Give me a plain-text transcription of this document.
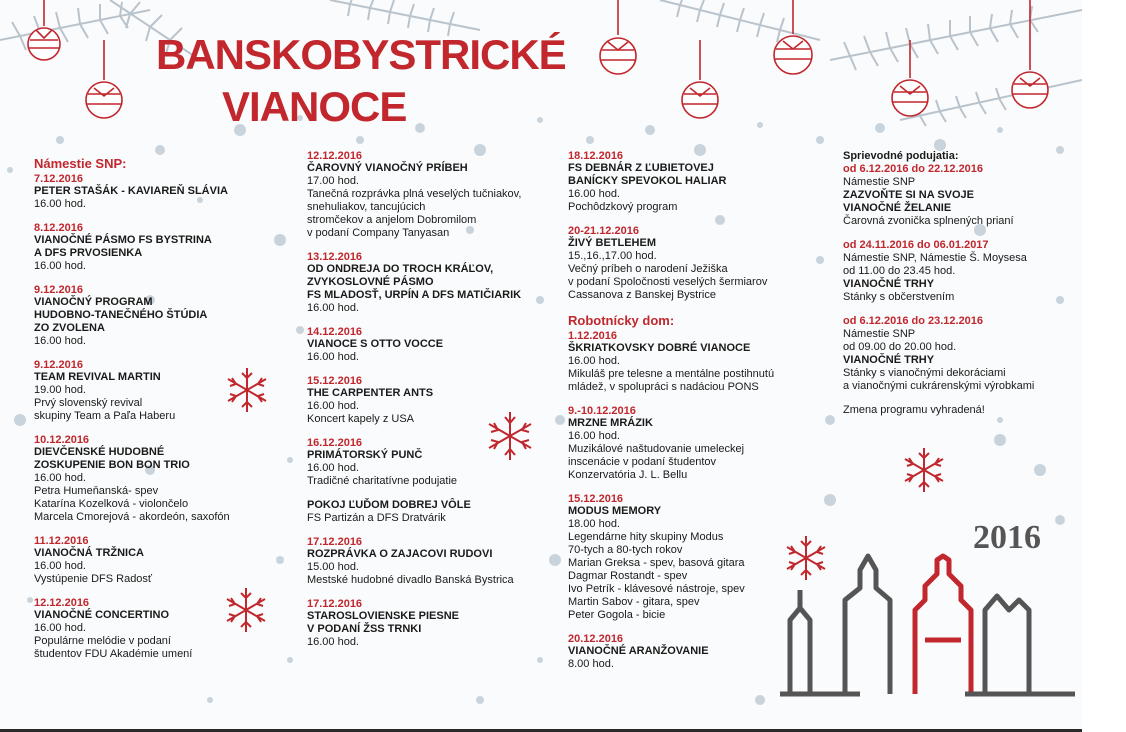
BANSKOBYSTRICKÉ
VIANOCE
Námestie SNP:
7.12.2016
PETER STAŠÁK - KAVIAREŇ SLÁVIA
16.00 hod.
8.12.2016
VIANOČNÉ PÁSMO FS BYSTRINA
A DFS PRVOSIENKA
16.00 hod.
9.12.2016
VIANOČNÝ PROGRAM
HUDOBNO-TANEČNÉHO ŠTÚDIA
ZO ZVOLENA
16.00 hod.
9.12.2016
TEAM REVIVAL MARTIN
19.00 hod.
Prvý slovenský revival
skupiny Team a Paľa Haberu
10.12.2016
DIEVČENSKÉ HUDOBNÉ
ZOSKUPENIE BON BON TRIO
16.00 hod.
Petra Humeňanská- spev
Katarína Kozelková - violončelo
Marcela Cmorejová - akordeón, saxofón
11.12.2016
VIANOČNÁ TRŽNICA
16.00 hod.
Vystúpenie DFS Radosť
12.12.2016
VIANOČNÉ CONCERTINO
16.00 hod.
Populárne melódie v podaní
študentov FDU Akadémie umení
12.12.2016
ČAROVNÝ VIANOČNÝ PRÍBEH
17.00 hod.
Tanečná rozprávka plná veselých tučniakov,
snehuliakov, tancujúcich
stromčekov a anjelom Dobromilom
v podaní Company Tanyasan
13.12.2016
OD ONDREJA DO TROCH KRÁĽOV,
ZVYKOSLOVNÉ PÁSMO
FS MLADOSŤ, URPÍN A DFS MATIČIARIK
16.00 hod.
14.12.2016
VIANOCE S OTTO VOCCE
16.00 hod.
15.12.2016
THE CARPENTER ANTS
16.00 hod.
Koncert kapely z USA
16.12.2016
PRIMÁTORSKÝ PUNČ
16.00 hod.
Tradičné charitatívne podujatie
POKOJ ĽUĎOM DOBREJ VÔLE
FS Partizán a DFS Dratvárik
17.12.2016
ROZPRÁVKA O ZAJACOVI RUDOVI
15.00 hod.
Mestské hudobné divadlo Banská Bystrica
17.12.2016
STAROSLOVIENSKE PIESNE
V PODANÍ ŽSS TRNKI
16.00 hod.
18.12.2016
FS DEBNÁR Z ĽUBIETOVEJ
BANÍCKY SPEVOKOL HALIAR
16.00 hod.
Pochôdzkový program
20-21.12.2016
ŽIVÝ BETLEHEM
15.,16.,17.00 hod.
Večný príbeh o narodení Ježiška
v podaní Spoločnosti veselých šermiarov
Cassanova z Banskej Bystrice
Robotnícky dom:
1.12.2016
ŠKRIATKOVSKY DOBRÉ VIANOCE
16.00 hod.
Mikuláš pre telesne a mentálne postihnutú
mládež, v spolupráci s nadáciou PONS
9.-10.12.2016
MRZNE MRÁZIK
16.00 hod.
Muzikálové naštudovanie umeleckej
inscenácie v podaní študentov
Konzervatória J. L. Bellu
15.12.2016
MODUS MEMORY
18.00 hod.
Legendárne hity skupiny Modus
70-tych a 80-tych rokov
Marian Greksa - spev, basová gitara
Dagmar Rostandt - spev
Ivo Petrík - klávesové nástroje, spev
Martin Sabov - gitara, spev
Peter Gogola - bicie
20.12.2016
VIANOČNÉ ARANŽOVANIE
8.00 hod.
Sprievodné podujatia:
od 6.12.2016 do 22.12.2016
Námestie SNP
ZAZVOŇTE SI NA SVOJE
VIANOČNÉ ŽELANIE
Čarovná zvonička splnených prianí
od 24.11.2016 do 06.01.2017
Námestie SNP, Námestie Š. Moysesa
od 11.00 do 23.45 hod.
VIANOČNÉ TRHY
Stánky s občerstvením
od 6.12.2016 do 23.12.2016
Námestie SNP
od 09.00 do 20.00 hod.
VIANOČNÉ TRHY
Stánky s vianočnými dekoráciami
a vianočnými cukrárenskými výrobkami
Zmena programu vyhradená!
2016
